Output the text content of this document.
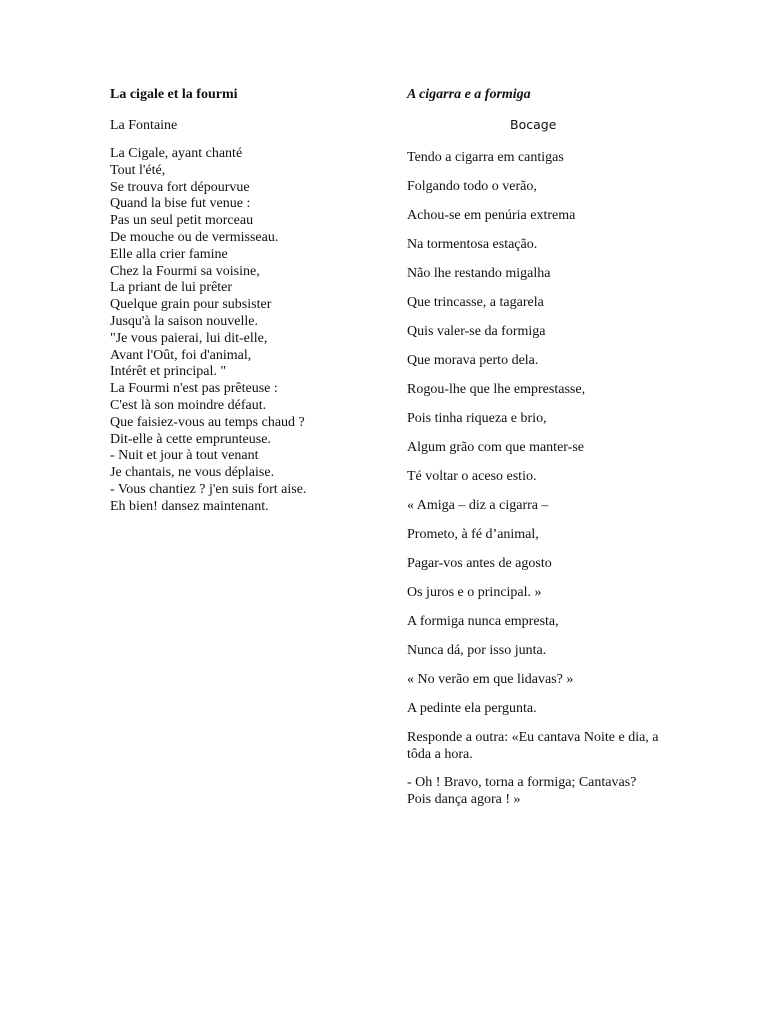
La cigale et la fourmi

La Fontaine

La Cigale, ayant chanté
Tout l'été,
Se trouva fort dépourvue
Quand la bise fut venue :
Pas un seul petit morceau
De mouche ou de vermisseau.
Elle alla crier famine
Chez la Fourmi sa voisine,
La priant de lui prêter
Quelque grain pour subsister
Jusqu'à la saison nouvelle.
"Je vous paierai, lui dit-elle,
Avant l'Oût, foi d'animal,
Intérêt et principal. "
La Fourmi n'est pas prêteuse :
C'est là son moindre défaut.
Que faisiez-vous au temps chaud ?
Dit-elle à cette emprunteuse.
- Nuit et jour à tout venant
Je chantais, ne vous déplaise.
- Vous chantiez ? j'en suis fort aise.
Eh bien! dansez maintenant.
A cigarra e a formiga

Bocage

Tendo a cigarra em cantigas
Folgando todo o verão,
Achou-se em penúria extrema
Na tormentosa estação.
Não lhe restando migalha
Que trincasse, a tagarela
Quis valer-se da formiga
Que morava perto dela.
Rogou-lhe que lhe emprestasse,
Pois tinha riqueza e brio,
Algum grão com que manter-se
Té voltar o aceso estio.
« Amiga – diz a cigarra –
Prometo, à fé d’animal,
Pagar-vos antes de agosto
Os juros e o principal. »
A formiga nunca empresta,
Nunca dá, por isso junta.
« No verão em que lidavas? »
A pedinte ela pergunta.
Responde a outra: «Eu cantava Noite e dia, a tôda a hora.
- Oh ! Bravo, torna a formiga; Cantavas? Pois dança agora ! »
